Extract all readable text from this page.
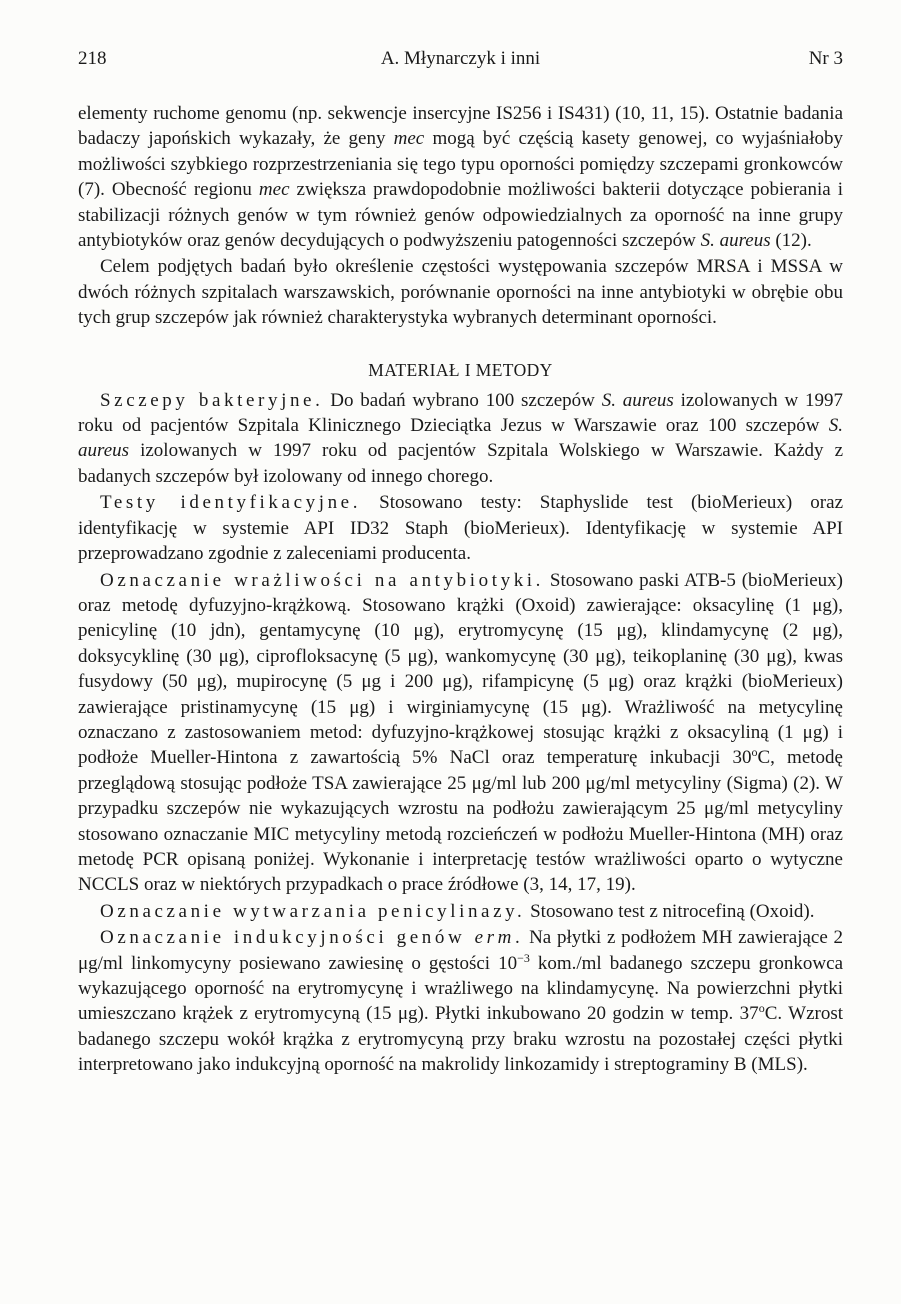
218	A. Młynarczyk i inni	Nr 3

elementy ruchome genomu (np. sekwencje insercyjne IS256 i IS431) (10, 11, 15). Ostatnie badania badaczy japońskich wykazały, że geny mec mogą być częścią kasety genowej, co wyjaśniałoby możliwości szybkiego rozprzestrzeniania się tego typu oporności pomiędzy szczepami gronkowców (7). Obecność regionu mec zwiększa prawdopodobnie możliwości bakterii dotyczące pobierania i stabilizacji różnych genów w tym również genów odpowiedzialnych za oporność na inne grupy antybiotyków oraz genów decydujących o podwyższeniu patogenności szczepów S. aureus (12).

Celem podjętych badań było określenie częstości występowania szczepów MRSA i MSSA w dwóch różnych szpitalach warszawskich, porównanie oporności na inne antybiotyki w obrębie obu tych grup szczepów jak również charakterystyka wybranych determinant oporności.

MATERIAŁ I METODY

Szczepy bakteryjne. Do badań wybrano 100 szczepów S. aureus izolowanych w 1997 roku od pacjentów Szpitala Klinicznego Dzieciątka Jezus w Warszawie oraz 100 szczepów S. aureus izolowanych w 1997 roku od pacjentów Szpitala Wolskiego w Warszawie. Każdy z badanych szczepów był izolowany od innego chorego.

Testy identyfikacyjne. Stosowano testy: Staphyslide test (bioMerieux) oraz identyfikację w systemie API ID32 Staph (bioMerieux). Identyfikację w systemie API przeprowadzano zgodnie z zaleceniami producenta.

Oznaczanie wrażliwości na antybiotyki. Stosowano paski ATB-5 (bioMerieux) oraz metodę dyfuzyjno-krążkową. Stosowano krążki (Oxoid) zawierające: oksacylinę (1 μg), penicylinę (10 jdn), gentamycynę (10 μg), erytromycynę (15 μg), klindamycynę (2 μg), doksycyklinę (30 μg), ciprofloksacynę (5 μg), wankomycynę (30 μg), teikoplaninę (30 μg), kwas fusydowy (50 μg), mupirocynę (5 μg i 200 μg), rifampicynę (5 μg) oraz krążki (bioMerieux) zawierające pristinamycynę (15 μg) i wirginiamycynę (15 μg). Wrażliwość na metycylinę oznaczano z zastosowaniem metod: dyfuzyjno-krążkowej stosując krążki z oksacyliną (1 μg) i podłoże Mueller-Hintona z zawartością 5% NaCl oraz temperaturę inkubacji 30$^o$C, metodę przeglądową stosując podłoże TSA zawierające 25 μg/ml lub 200 μg/ml metycyliny (Sigma) (2). W przypadku szczepów nie wykazujących wzrostu na podłożu zawierającym 25 μg/ml metycyliny stosowano oznaczanie MIC metycyliny metodą rozcieńczeń w podłożu Mueller-Hintona (MH) oraz metodę PCR opisaną poniżej. Wykonanie i interpretację testów wrażliwości oparto o wytyczne NCCLS oraz w niektórych przypadkach o prace źródłowe (3, 14, 17, 19).

Oznaczanie wytwarzania penicylinazy. Stosowano test z nitrocefiną (Oxoid).

Oznaczanie indukcyjności genów erm. Na płytki z podłożem MH zawierające 2 μg/ml linkomycyny posiewano zawiesinę o gęstości $10^{-3}$ kom./ml badanego szczepu gronkowca wykazującego oporność na erytromycynę i wrażliwego na klindamycynę. Na powierzchni płytki umieszczano krążek z erytromycyną (15 μg). Płytki inkubowano 20 godzin w temp. 37$^o$C. Wzrost badanego szczepu wokół krążka z erytromycyną przy braku wzrostu na pozostałej części płytki interpretowano jako indukcyjną oporność na makrolidy linkozamidy i streptograminy B (MLS).
